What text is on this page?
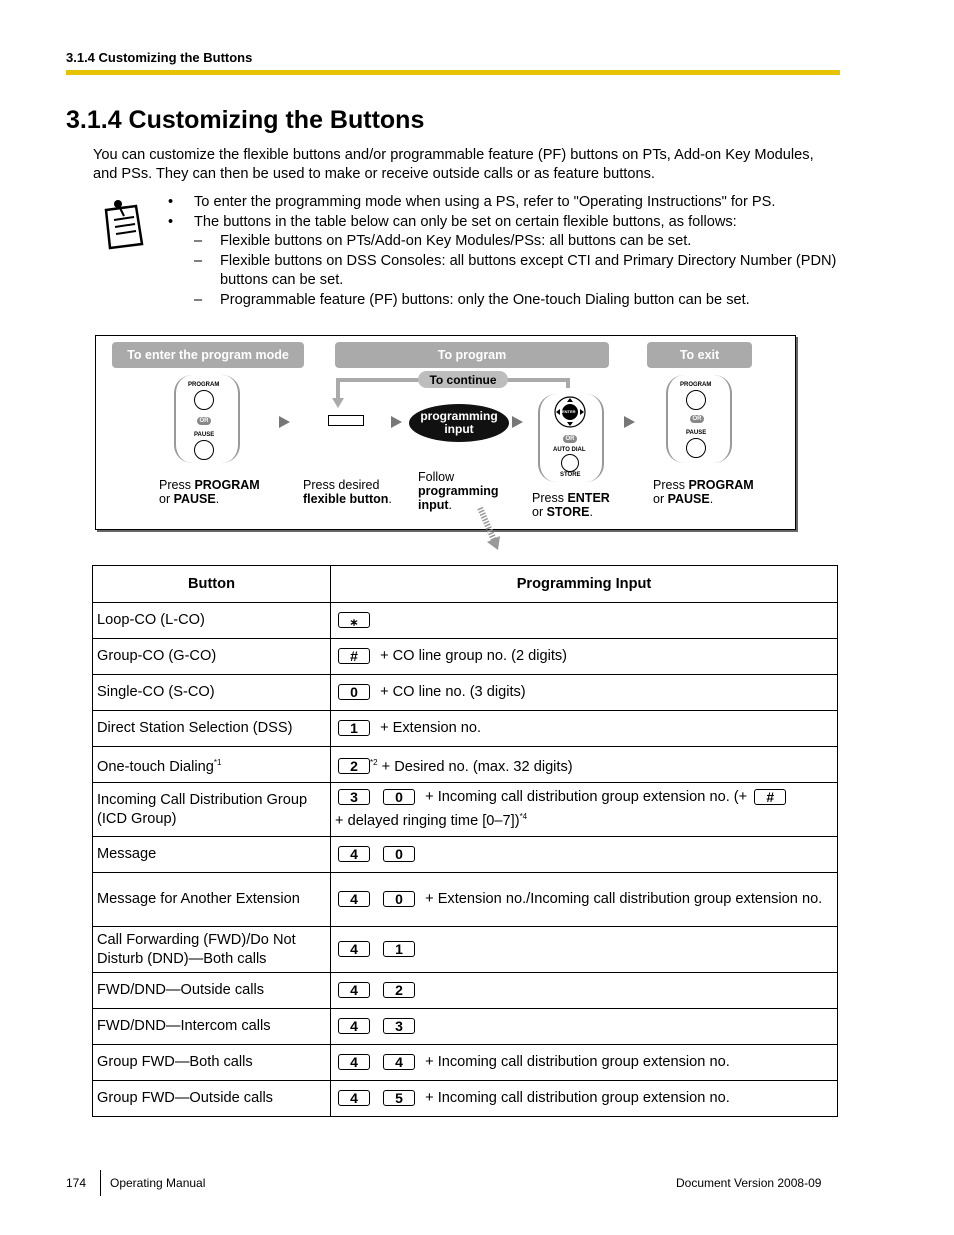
3.1.4 Customizing the Buttons
3.1.4 Customizing the Buttons
You can customize the flexible buttons and/or programmable feature (PF) buttons on PTs, Add-on Key Modules, and PSs. They can then be used to make or receive outside calls or as feature buttons.
• To enter the programming mode when using a PS, refer to "Operating Instructions" for PS.
• The buttons in the table below can only be set on certain flexible buttons, as follows:
– Flexible buttons on PTs/Add-on Key Modules/PSs: all buttons can be set.
– Flexible buttons on DSS Consoles: all buttons except CTI and Primary Directory Number (PDN) buttons can be set.
– Programmable feature (PF) buttons: only the One-touch Dialing button can be set.
To enter the program mode	To program	To exit
To continue
PROGRAM
OR
PAUSE
programming
input
ENTER
OR
AUTO DIAL
STORE
PROGRAM
OR
PAUSE
Press PROGRAM
or PAUSE.
Press desired
flexible button.
Follow
programming
input.	Press ENTER
or STORE.
Press PROGRAM
or PAUSE.
Button	Programming Input
Loop-CO (L-CO)	⁎
Group-CO (G-CO)	# + CO line group no. (2 digits)
Single-CO (S-CO)	0 + CO line no. (3 digits)
Direct Station Selection (DSS)	1 + Extension no.
One-touch Dialing$^{*1}$	2 $^{*2}$ + Desired no. (max. 32 digits)
Incoming Call Distribution Group (ICD Group)	3 0 + Incoming call distribution group extension no. (+ #
+ delayed ringing time [0–7])$^{*4}$
Message	4 0
Message for Another Extension	4 0 + Extension no./Incoming call distribution group extension no.
Call Forwarding (FWD)/Do Not Disturb (DND)—Both calls	4 1
FWD/DND—Outside calls	4 2
FWD/DND—Intercom calls	4 3
Group FWD—Both calls	4 4 + Incoming call distribution group extension no.
Group FWD—Outside calls	4 5 + Incoming call distribution group extension no.
174 Operating Manual	Document Version 2008-09
